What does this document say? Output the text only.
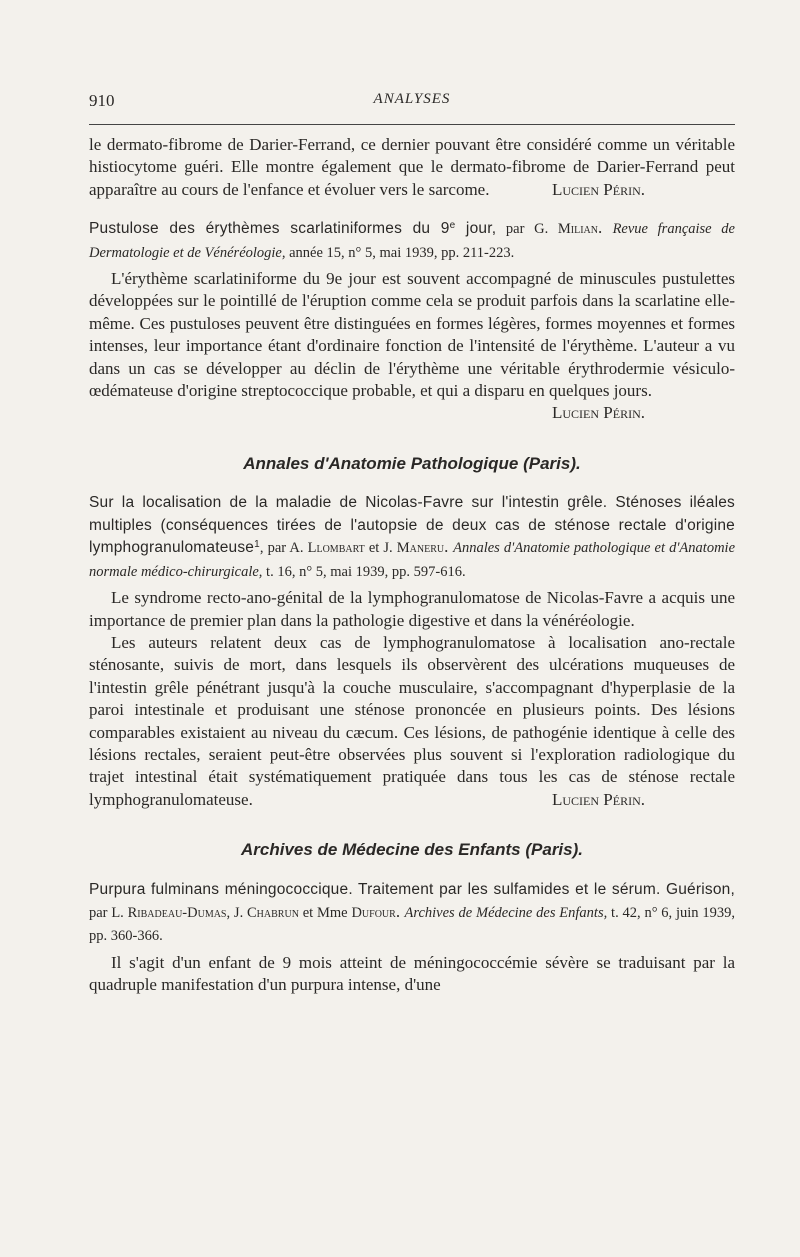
910	ANALYSES

le dermato-fibrome de Darier-Ferrand, ce dernier pouvant être considéré comme un véritable histiocytome guéri. Elle montre également que le dermato-fibrome de Darier-Ferrand peut apparaître au cours de l'enfance et évoluer vers le sarcome.	Lucien Périn.

Pustulose des érythèmes scarlatiniformes du 9e jour, par G. Milian. Revue française de Dermatologie et de Vénéréologie, année 15, n° 5, mai 1939, pp. 211-223.

L'érythème scarlatiniforme du 9e jour est souvent accompagné de minuscules pustulettes développées sur le pointillé de l'éruption comme cela se produit parfois dans la scarlatine elle-même. Ces pustuloses peuvent être distinguées en formes légères, formes moyennes et formes intenses, leur importance étant d'ordinaire fonction de l'intensité de l'érythème. L'auteur a vu dans un cas se développer au déclin de l'érythème une véritable érythrodermie vésiculo-œdémateuse d'origine streptococcique probable, et qui a disparu en quelques jours.

Lucien Périn.

Annales d'Anatomie Pathologique (Paris).

Sur la localisation de la maladie de Nicolas-Favre sur l'intestin grêle. Sténoses iléales multiples (conséquences tirées de l'autopsie de deux cas de sténose rectale d'origine lymphogranulomateuse$^1$, par A. Llombart et J. Maneru. Annales d'Anatomie pathologique et d'Anatomie normale médico-chirurgicale, t. 16, n° 5, mai 1939, pp. 597-616.

Le syndrome recto-ano-génital de la lymphogranulomatose de Nicolas-Favre a acquis une importance de premier plan dans la pathologie digestive et dans la vénéréologie.

Les auteurs relatent deux cas de lymphogranulomatose à localisation ano-rectale sténosante, suivis de mort, dans lesquels ils observèrent des ulcérations muqueuses de l'intestin grêle pénétrant jusqu'à la couche musculaire, s'accompagnant d'hyperplasie de la paroi intestinale et produisant une sténose prononcée en plusieurs points. Des lésions comparables existaient au niveau du cæcum. Ces lésions, de pathogénie identique à celle des lésions rectales, seraient peut-être observées plus souvent si l'exploration radiologique du trajet intestinal était systématiquement pratiquée dans tous les cas de sténose rectale lymphogranulomateuse.	Lucien Périn.

Archives de Médecine des Enfants (Paris).

Purpura fulminans méningococcique. Traitement par les sulfamides et le sérum. Guérison, par L. Ribadeau-Dumas, J. Chabrun et Mme Dufour. Archives de Médecine des Enfants, t. 42, n° 6, juin 1939, pp. 360-366.

Il s'agit d'un enfant de 9 mois atteint de méningococcémie sévère se traduisant par la quadruple manifestation d'un purpura intense, d'une
